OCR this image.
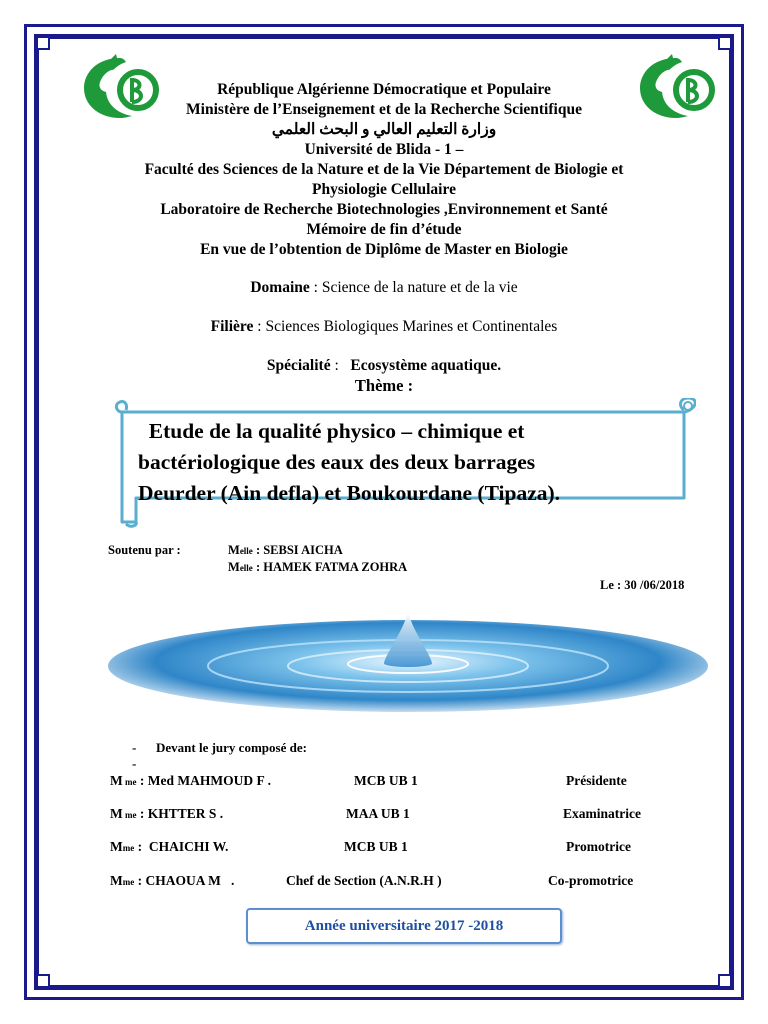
République Algérienne Démocratique et Populaire
Ministère de l’Enseignement et de la Recherche Scientifique
وزارة التعليم العالي و البحث العلمي
Université de Blida - 1 –
Faculté des Sciences de la Nature et de la Vie Département de Biologie et
Physiologie Cellulaire
Laboratoire de Recherche Biotechnologies ,Environnement et Santé
Mémoire de fin d’étude
En vue de l’obtention de Diplôme de Master en Biologie
Domaine : Science de la nature et de la vie
Filière : Sciences Biologiques Marines et Continentales
Spécialité :   Ecosystème aquatique.
Thème :
Etude de la qualité physico – chimique et
bactériologique des eaux des deux barrages
Deurder (Ain defla) et Boukourdane (Tipaza).
Soutenu par :	Melle : SEBSI AICHA
Melle : HAMEK FATMA ZOHRA
Le : 30 /06/2018
- Devant le jury composé de:
-
M me : Med MAHMOUD F .	MCB UB 1	Présidente
M me : KHTTER S .	MAA UB 1	Examinatrice
Mme :  CHAICHI W.	MCB UB 1	Promotrice
Mme : CHAOUA M   .	Chef de Section (A.N.R.H )	Co-promotrice
Année universitaire 2017 -2018
